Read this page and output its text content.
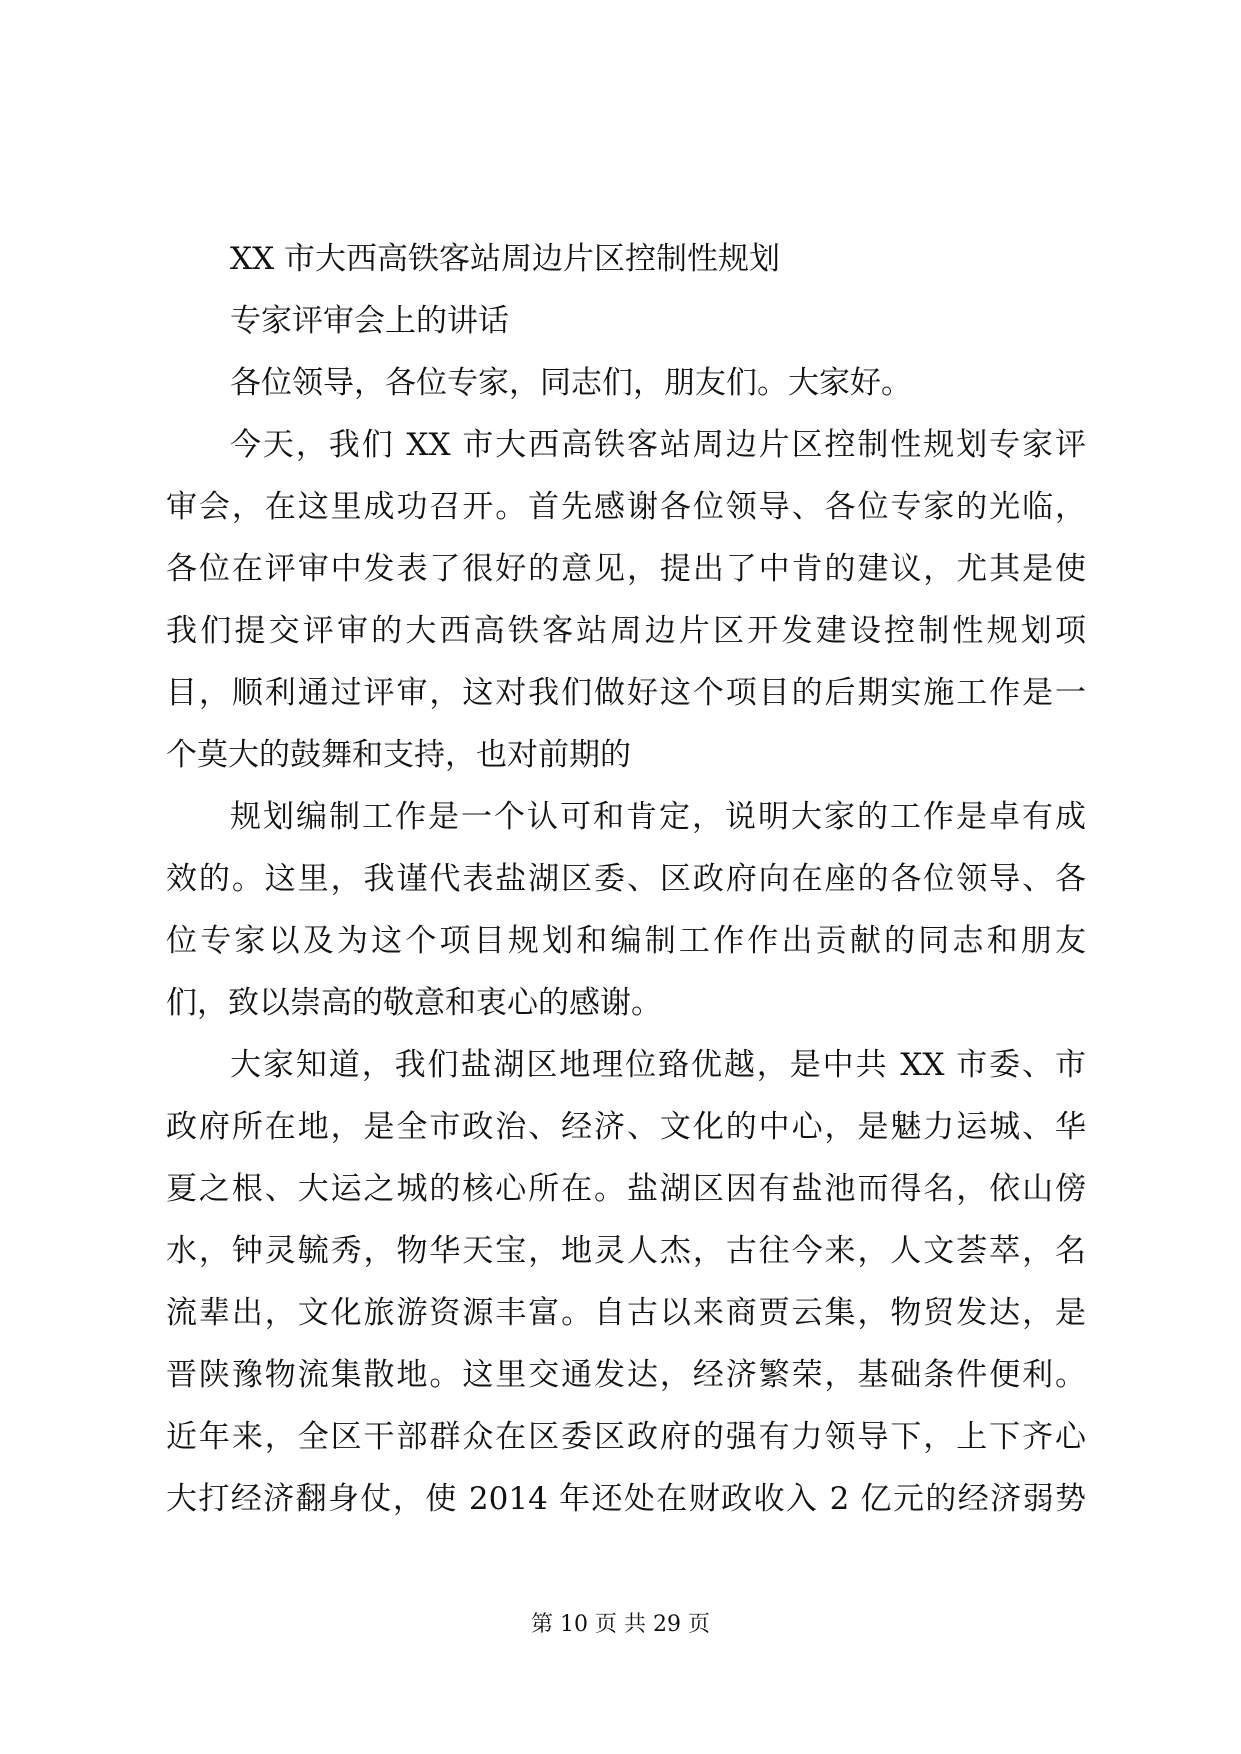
XX 市大西高铁客站周边片区控制性规划
专家评审会上的讲话
各位领导，各位专家，同志们，朋友们。大家好。
今天，我们 XX 市大西高铁客站周边片区控制性规划专家评
审会，在这里成功召开。首先感谢各位领导、各位专家的光临，
各位在评审中发表了很好的意见，提出了中肯的建议，尤其是使
我们提交评审的大西高铁客站周边片区开发建设控制性规划项
目，顺利通过评审，这对我们做好这个项目的后期实施工作是一
个莫大的鼓舞和支持，也对前期的
规划编制工作是一个认可和肯定，说明大家的工作是卓有成
效的。这里，我谨代表盐湖区委、区政府向在座的各位领导、各
位专家以及为这个项目规划和编制工作作出贡献的同志和朋友
们，致以崇高的敬意和衷心的感谢。
大家知道，我们盐湖区地理位臵优越，是中共 XX 市委、市
政府所在地，是全市政治、经济、文化的中心，是魅力运城、华
夏之根、大运之城的核心所在。盐湖区因有盐池而得名，依山傍
水，钟灵毓秀，物华天宝，地灵人杰，古往今来，人文荟萃，名
流辈出，文化旅游资源丰富。自古以来商贾云集，物贸发达，是
晋陕豫物流集散地。这里交通发达，经济繁荣，基础条件便利。
近年来，全区干部群众在区委区政府的强有力领导下，上下齐心
大打经济翻身仗，使 2014 年还处在财政收入 2 亿元的经济弱势
第 10 页 共 29 页
